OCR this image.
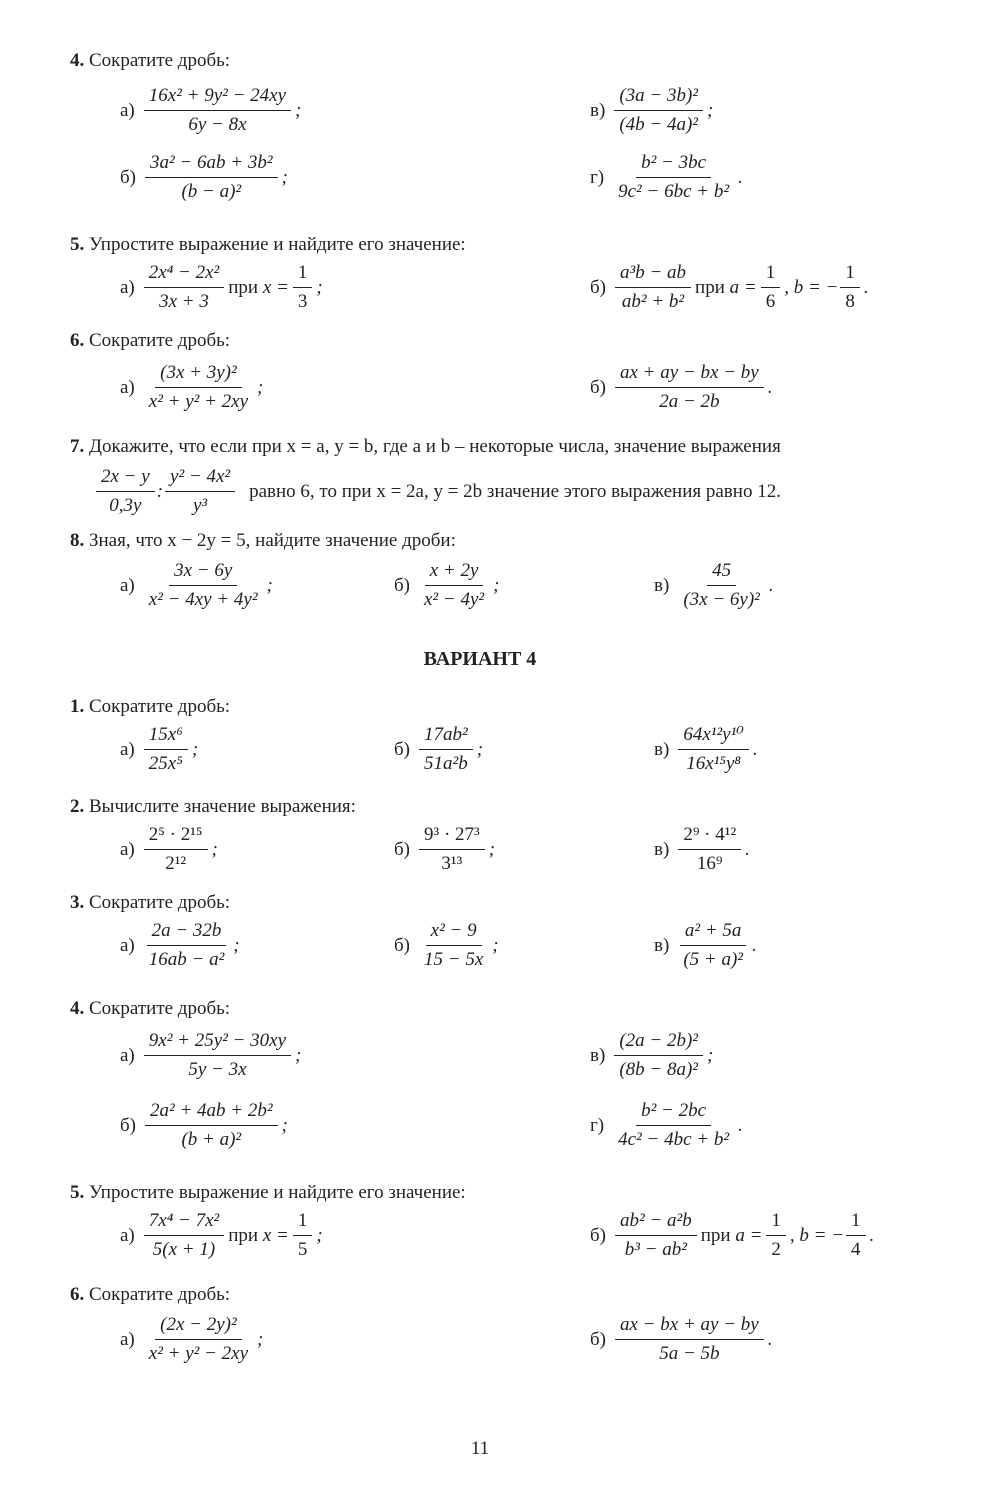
4. Сократите дробь:
$а) \frac{\text{16x² + 9y² − 24xy}}{6y - 8x}$ ;
$б) \frac{\text{3a² − 6ab + 3b²}}{\text{(b − a)²}}$ ;
$в) \frac{\text{(3a − 3b)²}}{\text{(4b − 4a)²}}$ ;
$г) \frac{\text{b² − 3bc}}{\text{9c² − 6bc + b²}}$ .
5. Упростите выражение и найдите его значение:
$а) \frac{\text{2x⁴ − 2x²}}{3x + 3}$ при $x = \frac{1}{3}$ ;	$б) \frac{\text{a³b − ab}}{\text{ab² + b²}}$ при $a = \frac{1}{6}$ , b = − $\frac{1}{8}$ .
6. Сократите дробь:
$а) \frac{\text{(3x + 3y)²}}{\text{x² + y² + 2xy}}$ ;	$б) \frac{ax + ay - bx - by}{2a - 2b}$ .
7. Докажите, что если при x = a, y = b, где a и b – некоторые числа, значение выражения
$\frac{2x - y}{0,3y}$ : $\frac{\text{y² − 4x²}}{\text{y³}}$ равно 6, то при x = 2a, y = 2b значение этого выражения равно 12.
8. Зная, что x − 2y = 5, найдите значение дроби:
$а) \frac{3x - 6y}{\text{x² − 4xy + 4y²}}$ ;	$б) \frac{x + 2y}{\text{x² − 4y²}}$ ;	$в) \frac{45}{\text{(3x − 6y)²}}$ .
ВАРИАНТ 4
1. Сократите дробь:
$а) \frac{\text{15x⁶}}{\text{25x⁵}}$ ;	$б) \frac{\text{17ab²}}{\text{51a²b}}$ ;	$в) \frac{\text{64x¹²y¹⁰}}{\text{16x¹⁵y⁸}}$ .
2. Вычислите значение выражения:
$а) \frac{\text{2⁵ · 2¹⁵}}{\text{2¹²}}$ ;	$б) \frac{\text{9³ · 27³}}{\text{3¹³}}$ ;	$в) \frac{\text{2⁹ · 4¹²}}{\text{16⁹}}$ .
3. Сократите дробь:
$а) \frac{2a - 32b}{\text{16ab − a²}}$ ;	$б) \frac{\text{x² − 9}}{15 - 5x}$ ;	$в) \frac{\text{a² + 5a}}{\text{(5 + a)²}}$ .
4. Сократите дробь:
$а) \frac{\text{9x² + 25y² − 30xy}}{5y - 3x}$ ;
$б) \frac{\text{2a² + 4ab + 2b²}}{\text{(b + a)²}}$ ;
$в) \frac{\text{(2a − 2b)²}}{\text{(8b − 8a)²}}$ ;
$г) \frac{\text{b² − 2bc}}{\text{4c² − 4bc + b²}}$ .
5. Упростите выражение и найдите его значение:
$а) \frac{\text{7x⁴ − 7x²}}{5(x + 1)}$ при $x = \frac{1}{5}$ ;	$б) \frac{\text{ab² − a²b}}{\text{b³ − ab²}}$ при $a = \frac{1}{2}$ , b = − $\frac{1}{4}$ .
6. Сократите дробь:
$а) \frac{\text{(2x − 2y)²}}{\text{x² + y² − 2xy}}$ ;	$б) \frac{ax - bx + ay - by}{5a - 5b}$ .
11
